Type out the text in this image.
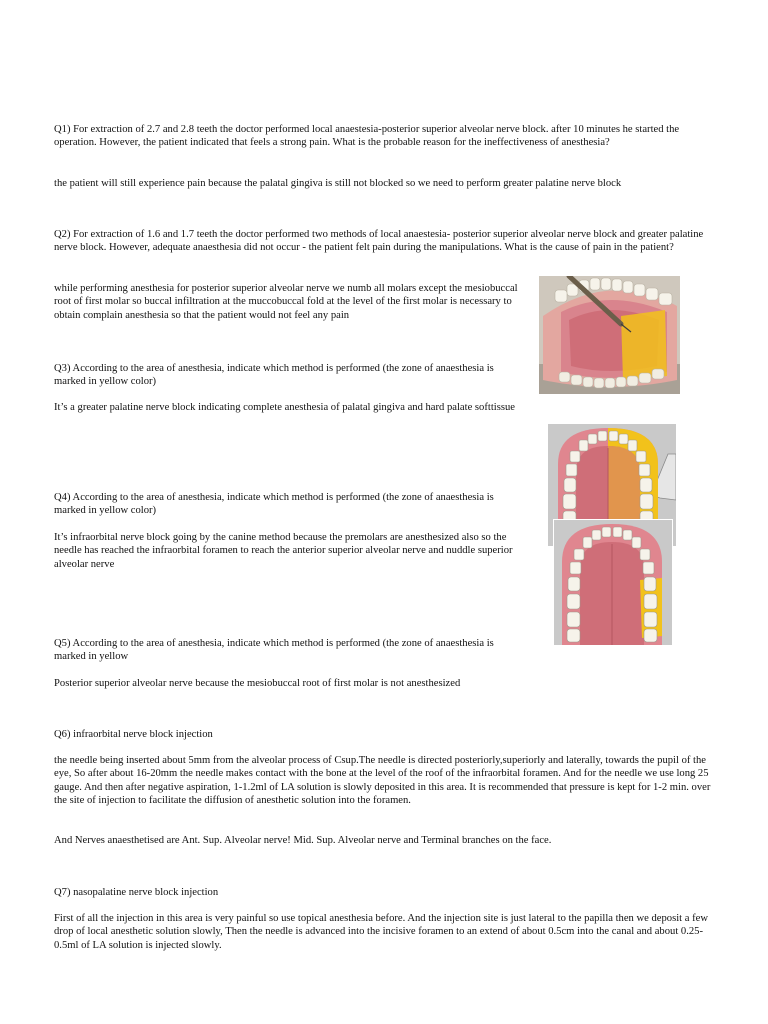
Q1) For extraction of 2.7 and 2.8 teeth the doctor performed local anaestesia-posterior superior alveolar nerve block. after 10 minutes he started the operation. However, the patient indicated that feels a strong pain. What is the probable reason for the ineffectiveness of anesthesia?

the patient will still experience pain because the palatal gingiva is still not blocked so we need to perform greater palatine nerve block

Q2) For extraction of 1.6 and 1.7 teeth the doctor performed two methods of local anaestesia- posterior superior alveolar nerve block and greater palatine nerve block. However, adequate anaesthesia did not occur - the patient felt pain during the manipulations. What is the cause of pain in the patient?

while performing anesthesia for posterior superior alveolar nerve we numb all molars except the mesiobuccal root of first molar so buccal infiltration at the muccobuccal fold at the level of the first molar is necessary to obtain complain anesthesia so that the patient would not feel any pain

Q3) According to the area of anesthesia, indicate which method is performed (the zone of anaesthesia is marked in yellow color)

It’s a greater palatine nerve block indicating complete anesthesia of palatal gingiva and hard palate softtissue

Q4) According to the area of anesthesia, indicate which method is performed (the zone of anaesthesia is marked in yellow color)

It’s infraorbital nerve block going by the canine method because the premolars are anesthesized also so the needle has reached the infraorbital foramen to reach the anterior superior alveolar nerve and nuddle superior alveolar nerve

Q5) According to the area of anesthesia, indicate which method is performed (the zone of anaesthesia is marked in yellow

Posterior superior alveolar nerve because the mesiobuccal root of first molar is not anesthesized

Q6) infraorbital nerve block injection

the needle being inserted about 5mm from the alveolar process of Csup.The needle is directed posteriorly,superiorly and laterally, towards the pupil of the eye, So after about 16-20mm the needle makes contact with the bone at the level of the roof of the infraorbital foramen. And for the needle we use long 25 gauge. And then after negative aspiration, 1-1.2ml of LA solution is slowly deposited in this area. It is recommended that pressure is kept for 1-2 min. over the site of injection to facilitate the diffusion of anesthetic solution into the foramen.

And Nerves anaesthetised are Ant. Sup. Alveolar nerve! Mid. Sup. Alveolar nerve and Terminal branches on the face.

Q7) nasopalatine nerve block injection

First of all the injection in this area is very painful so use topical anesthesia before. And the injection site is just lateral to the papilla then we deposit a few drop of local anesthetic solution slowly, Then the needle is advanced into the incisive foramen to an extend of about 0.5cm into the canal and about 0.25-0.5ml of LA solution is injected slowly.
